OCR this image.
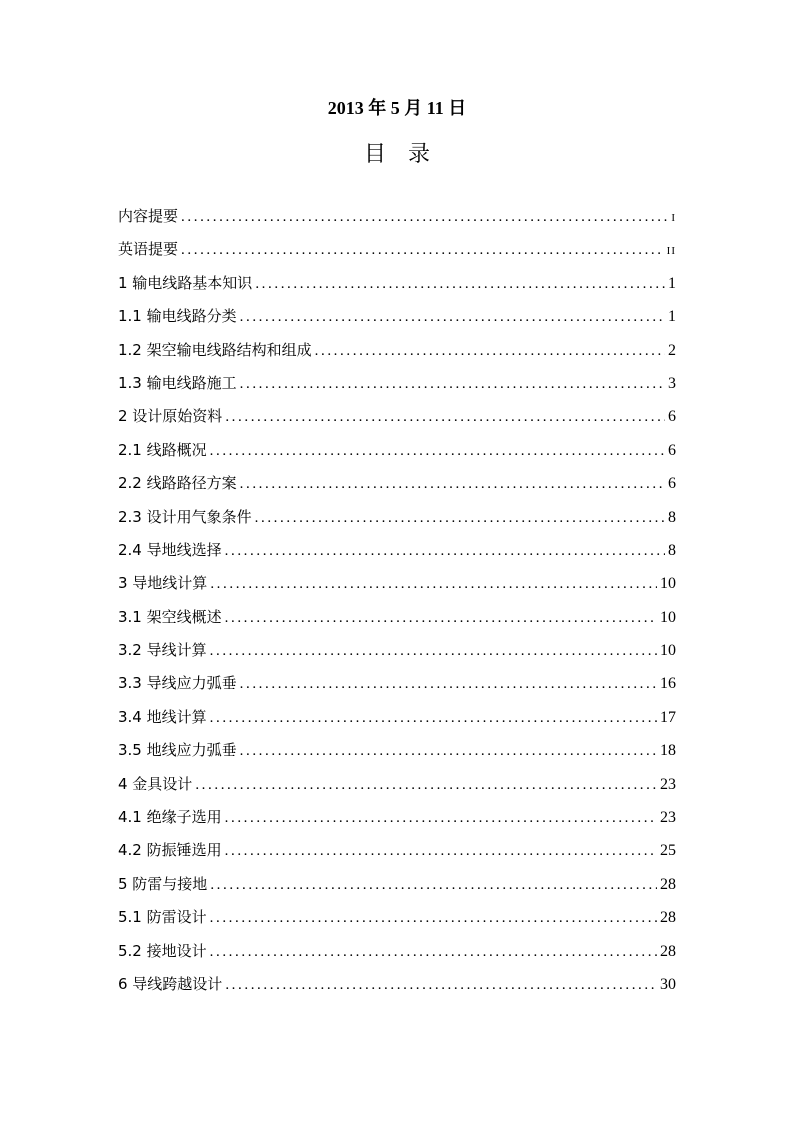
2013 年 5 月 11 日
目录
内容提要 .....	I
英语提要 .....	II
1 输电线路基本知识 .....	1
1.1 输电线路分类 .....	1
1.2 架空输电线路结构和组成 .....	2
1.3 输电线路施工 .....	3
2 设计原始资料 .....	6
2.1 线路概况 .....	6
2.2 线路路径方案 .....	6
2.3 设计用气象条件 .....	8
2.4 导地线选择 .....	8
3 导地线计算 .....	10
3.1 架空线概述 .....	10
3.2 导线计算 .....	10
3.3 导线应力弧垂 .....	16
3.4 地线计算 .....	17
3.5 地线应力弧垂 .....	18
4 金具设计 .....	23
4.1 绝缘子选用 .....	23
4.2 防振锤选用 .....	25
5 防雷与接地 .....	28
5.1 防雷设计 .....	28
5.2 接地设计 .....	28
6 导线跨越设计 .....	30
